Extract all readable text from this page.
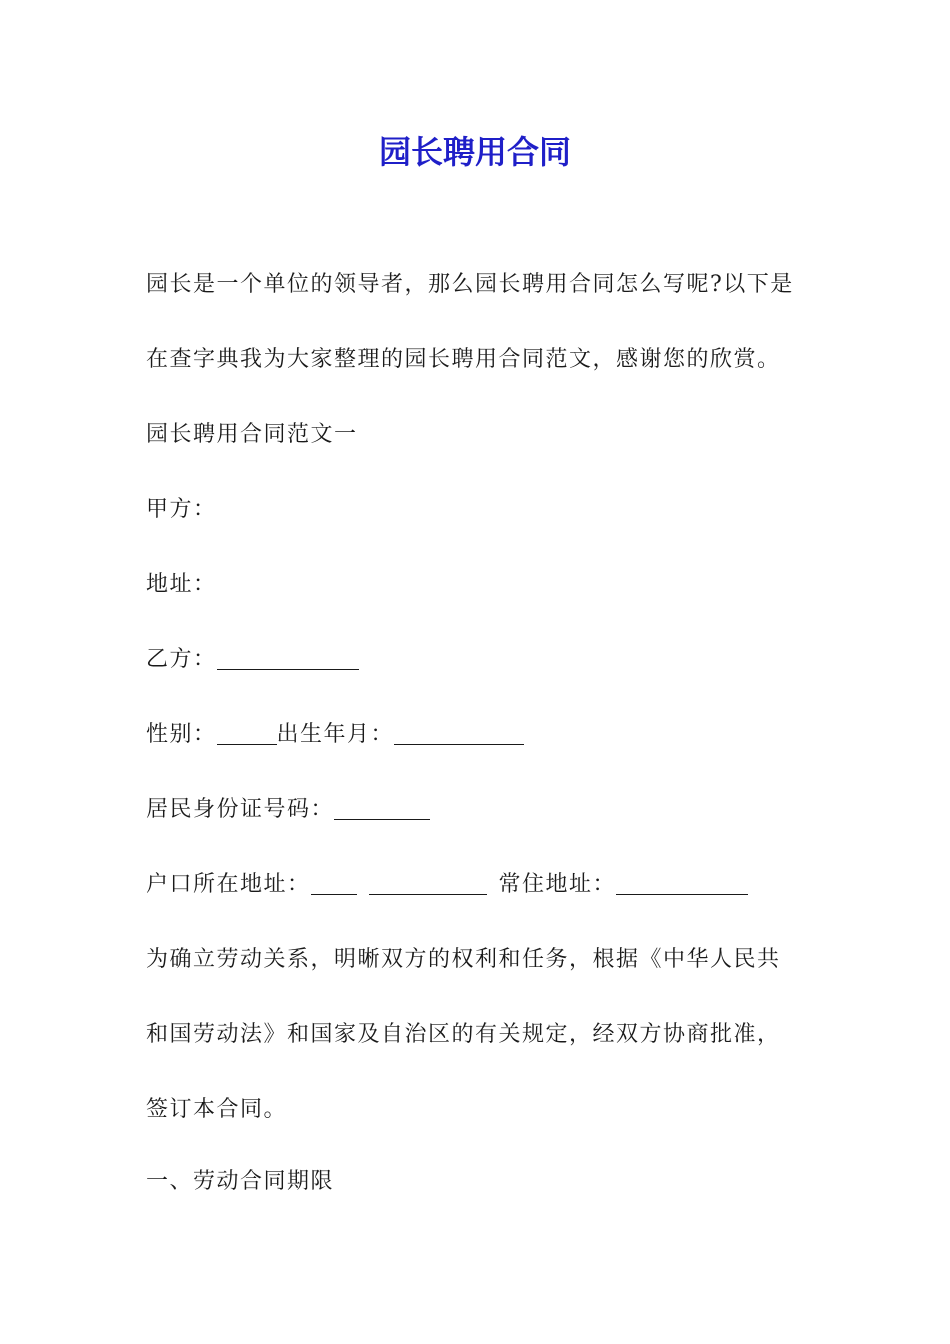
园长聘用合同
园长是一个单位的领导者，那么园长聘用合同怎么写呢?以下是
在查字典我为大家整理的园长聘用合同范文，感谢您的欣赏。
园长聘用合同范文一
甲方：
地址：
乙方：
性别：	出生年月：
居民身份证号码：
户口所在地址：	常住地址：
为确立劳动关系，明晰双方的权利和任务，根据《中华人民共
和国劳动法》和国家及自治区的有关规定，经双方协商批准，
签订本合同。
一、劳动合同期限
